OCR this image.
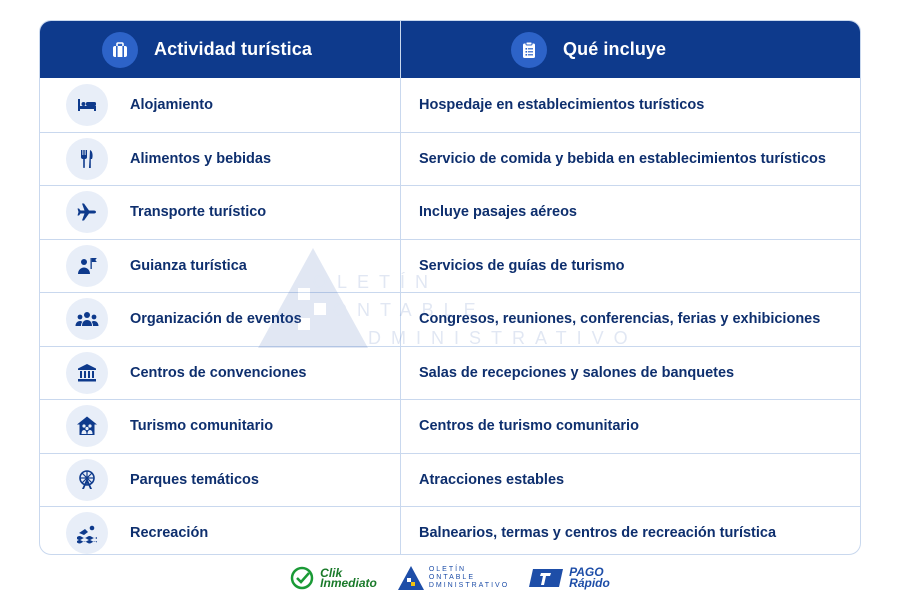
Actividad turística	Qué incluye
Alojamiento	Hospedaje en establecimientos turísticos
Alimentos y bebidas	Servicio de comida y bebida en establecimientos turísticos
Transporte turístico	Incluye pasajes aéreos
Guianza turística	Servicios de guías de turismo
Organización de eventos	Congresos, reuniones, conferencias, ferias y exhibiciones
Centros de convenciones	Salas de recepciones y salones de banquetes
Turismo comunitario	Centros de turismo comunitario
Parques temáticos	Atracciones estables
Recreación	Balnearios, termas y centros de recreación turística
Clik
Inmediato
OLETÍN
ONTABLE
DMINISTRATIVO
PAGO
Rápido
